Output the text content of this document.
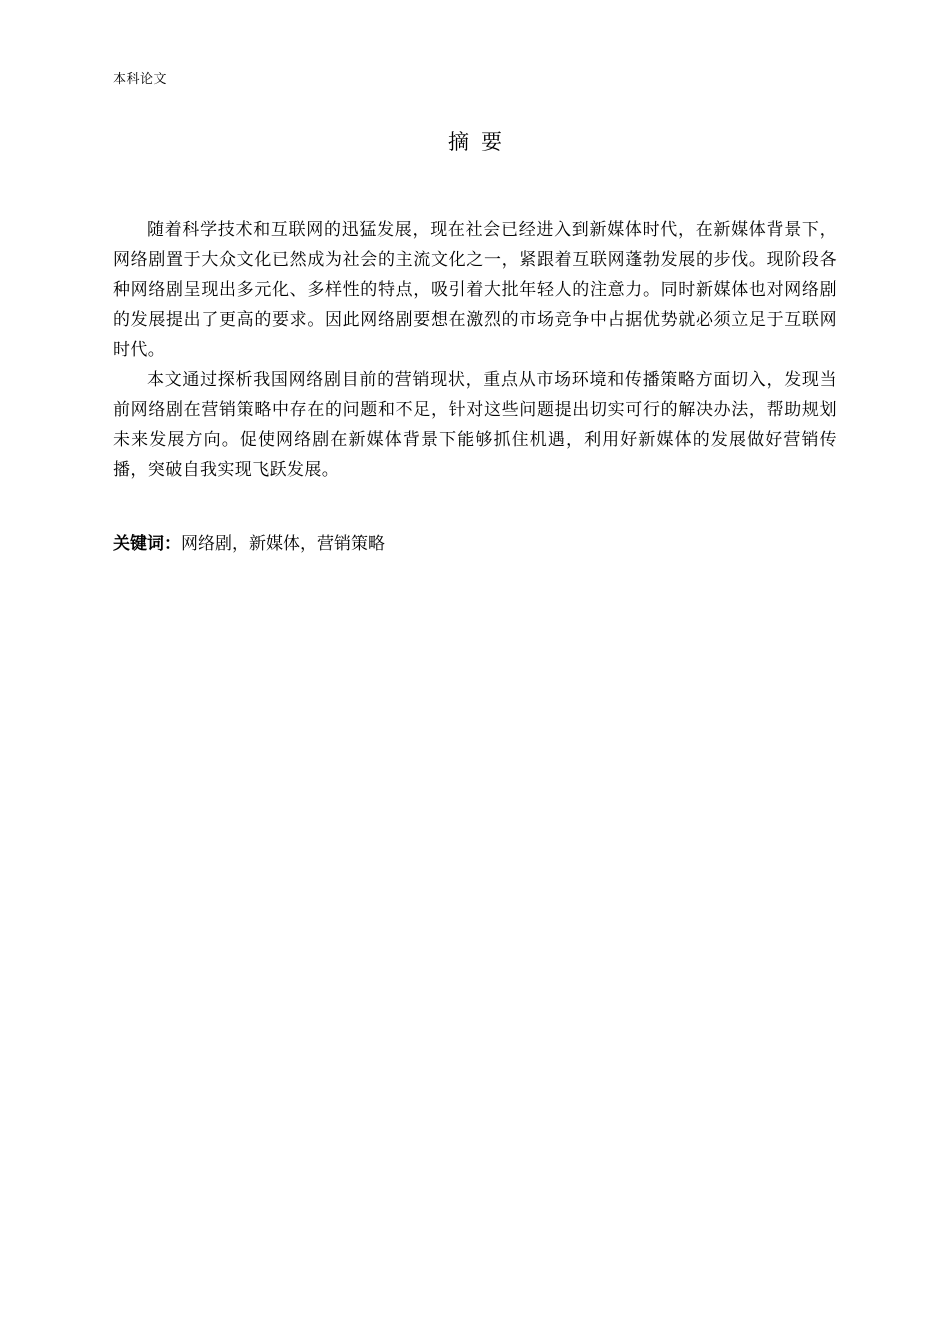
本科论文
摘要

随着科学技术和互联网的迅猛发展，现在社会已经进入到新媒体时代，在新媒体背景下，网络剧置于大众文化已然成为社会的主流文化之一，紧跟着互联网蓬勃发展的步伐。现阶段各种网络剧呈现出多元化、多样性的特点，吸引着大批年轻人的注意力。同时新媒体也对网络剧的发展提出了更高的要求。因此网络剧要想在激烈的市场竞争中占据优势就必须立足于互联网时代。

本文通过探析我国网络剧目前的营销现状，重点从市场环境和传播策略方面切入，发现当前网络剧在营销策略中存在的问题和不足，针对这些问题提出切实可行的解决办法，帮助规划未来发展方向。促使网络剧在新媒体背景下能够抓住机遇，利用好新媒体的发展做好营销传播，突破自我实现飞跃发展。

关键词：网络剧，新媒体，营销策略
